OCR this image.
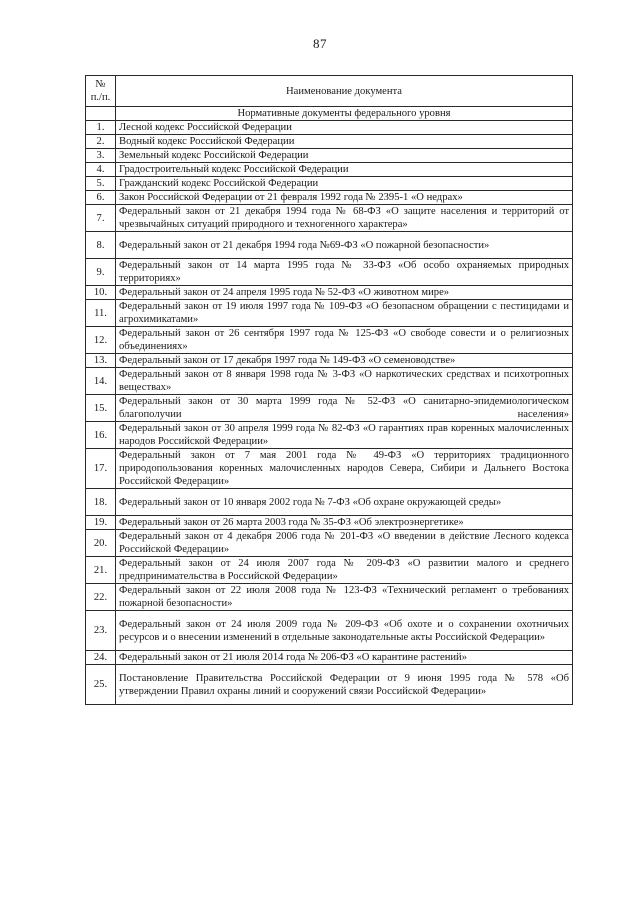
87
№
п./п.	Наименование документа
	Нормативные документы федерального уровня
1.	Лесной кодекс Российской Федерации
2.	Водный кодекс Российской Федерации
3.	Земельный кодекс Российской Федерации
4.	Градостроительный кодекс Российской Федерации
5.	Гражданский кодекс Российской Федерации
6.	Закон Российской Федерации от 21 февраля 1992 года № 2395-1 «О недрах»
7.	Федеральный закон от 21 декабря 1994 года № 68-ФЗ «О защите населения и территорий от чрезвычайных ситуаций природного и техногенного характера»
8.	Федеральный закон от 21 декабря 1994 года №69-ФЗ «О пожарной безопасности»
9.	Федеральный закон от 14 марта 1995 года № 33-ФЗ «Об особо охраняемых природных территориях»
10.	Федеральный закон от 24 апреля 1995 года № 52-ФЗ «О животном мире»
11.	Федеральный закон от 19 июля 1997 года № 109-ФЗ «О безопасном обращении с пестицидами и агрохимикатами»
12.	Федеральный закон от 26 сентября 1997 года № 125-ФЗ «О свободе совести и о религиозных объединениях»
13.	Федеральный закон от 17 декабря 1997 года № 149-ФЗ «О семеноводстве»
14.	Федеральный закон от 8 января 1998 года № 3-ФЗ «О наркотических средствах и психотропных веществах»
15.	Федеральный закон от 30 марта 1999 года № 52-ФЗ «О санитарно-эпидемиологическом благополучии населения»
16.	Федеральный закон от 30 апреля 1999 года № 82-ФЗ «О гарантиях прав коренных малочисленных народов Российской Федерации»
17.	Федеральный закон от 7 мая 2001 года № 49-ФЗ «О территориях традиционного природопользования коренных малочисленных народов Севера, Сибири и Дальнего Востока Российской Федерации»
18.	Федеральный закон от 10 января 2002 года № 7-ФЗ «Об охране окружающей среды»
19.	Федеральный закон от 26 марта 2003 года № 35-ФЗ «Об электроэнергетике»
20.	Федеральный закон от 4 декабря 2006 года № 201-ФЗ «О введении в действие Лесного кодекса Российской Федерации»
21.	Федеральный закон от 24 июля 2007 года № 209-ФЗ «О развитии малого и среднего предпринимательства в Российской Федерации»
22.	Федеральный закон от 22 июля 2008 года № 123-ФЗ «Технический регламент о требованиях пожарной безопасности»
23.	Федеральный закон от 24 июля 2009 года № 209-ФЗ «Об охоте и о сохранении охотничьих ресурсов и о внесении изменений в отдельные законодательные акты Российской Федерации»
24.	Федеральный закон от 21 июля 2014 года № 206-ФЗ «О карантине растений»
25.	Постановление Правительства Российской Федерации от 9 июня 1995 года № 578 «Об утверждении Правил охраны линий и сооружений связи Российской Федерации»
